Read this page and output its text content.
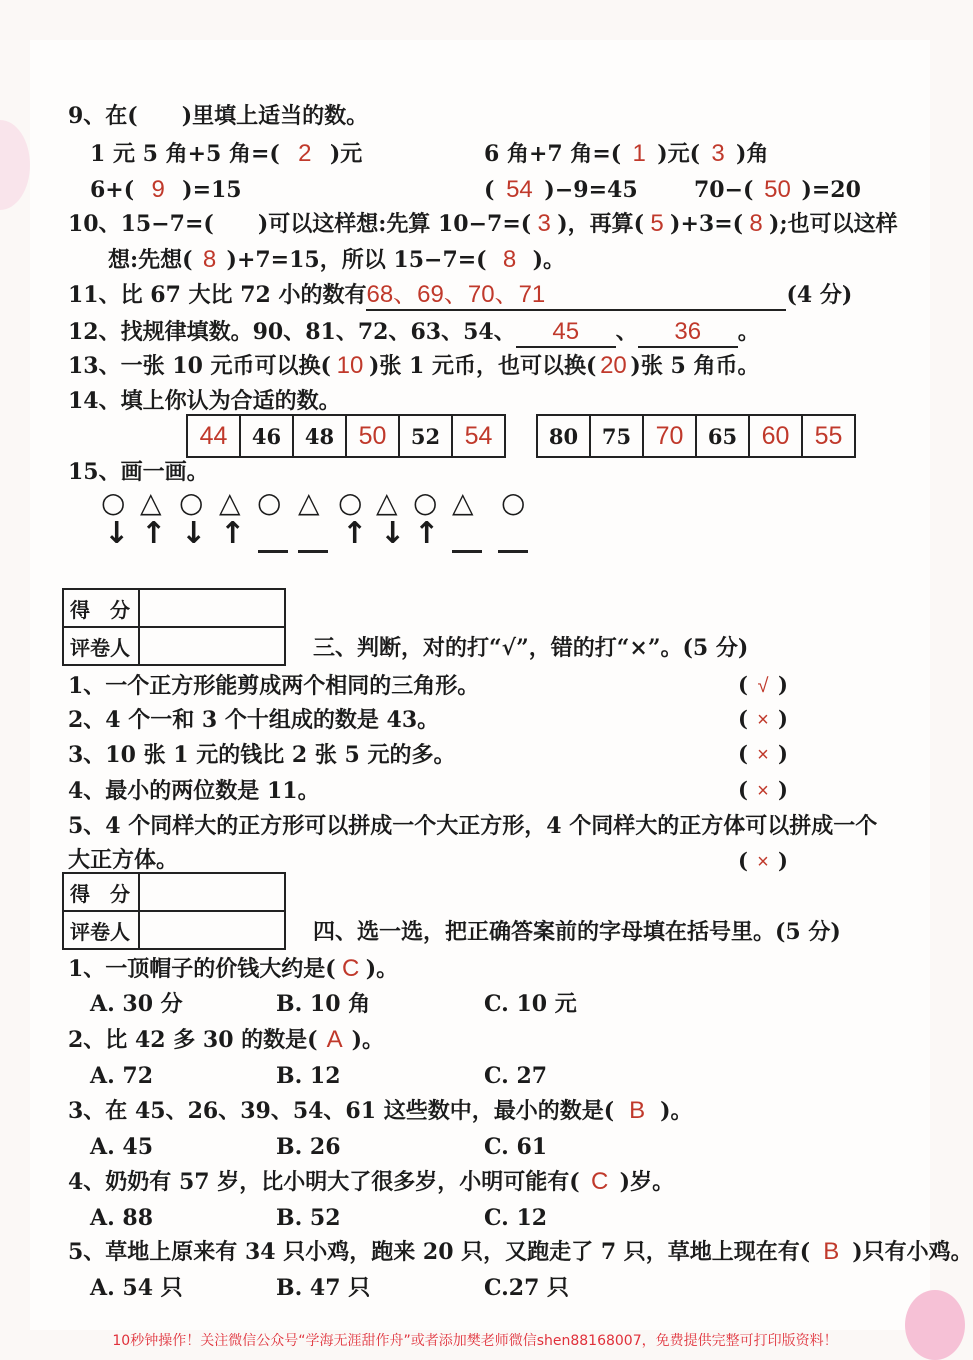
9、在(　　)里填上适当的数。
1 元 5 角+5 角=( 2 )元	6 角+7 角=( 1 )元( 3 )角
6+( 9 )=15	( 54 )−9=45	70−( 50 )=20
10、15−7=(　　)可以这样想:先算 10−7=( 3 )，再算( 5 )+3=( 8 );也可以这样
想:先想( 8 )+7=15，所以 15−7=( 8 )。
11、比 67 大比 72 小的数有68、69、70、71	(4 分)
12、找规律填数。90、81、72、63、54、 45 、 36 。
13、一张 10 元币可以换( 10 )张 1 元币，也可以换( 20 )张 5 角币。
14、填上你认为合适的数。
44	46	48 50	52 54	80	75 70	65 60	55
15、画一画。
○ △ ○ △ ○ △ ○ △ ○ △ ○
↓ ↑ ↓ ↑	↑ ↓ ↑
得　分
评卷人	三、判断，对的打“√”，错的打“×”。(5 分)
1、一个正方形能剪成两个相同的三角形。	( √ )
2、4 个一和 3 个十组成的数是 43。	( × )
3、10 张 1 元的钱比 2 张 5 元的多。	( × )
4、最小的两位数是 11。	( × )
5、4 个同样大的正方形可以拼成一个大正方形，4 个同样大的正方体可以拼成一个
大正方体。	( × )
得　分
评卷人	四、选一选，把正确答案前的字母填在括号里。(5 分)
1、一顶帽子的价钱大约是( C )。
A. 30 分	B. 10 角	C. 10 元
2、比 42 多 30 的数是( A )。
A. 72	B. 12	C. 27
3、在 45、26、39、54、61 这些数中，最小的数是( B )。
A. 45	B. 26	C. 61
4、奶奶有 57 岁，比小明大了很多岁，小明可能有( C )岁。
A. 88	B. 52	C. 12
5、草地上原来有 34 只小鸡，跑来 20 只，又跑走了 7 只，草地上现在有( B )只有小鸡。
A. 54 只	B. 47 只	C.27 只
10秒钟操作！关注微信公众号“学海无涯甜作舟”或者添加樊老师微信shen88168007，免费提供完整可打印版资料！
